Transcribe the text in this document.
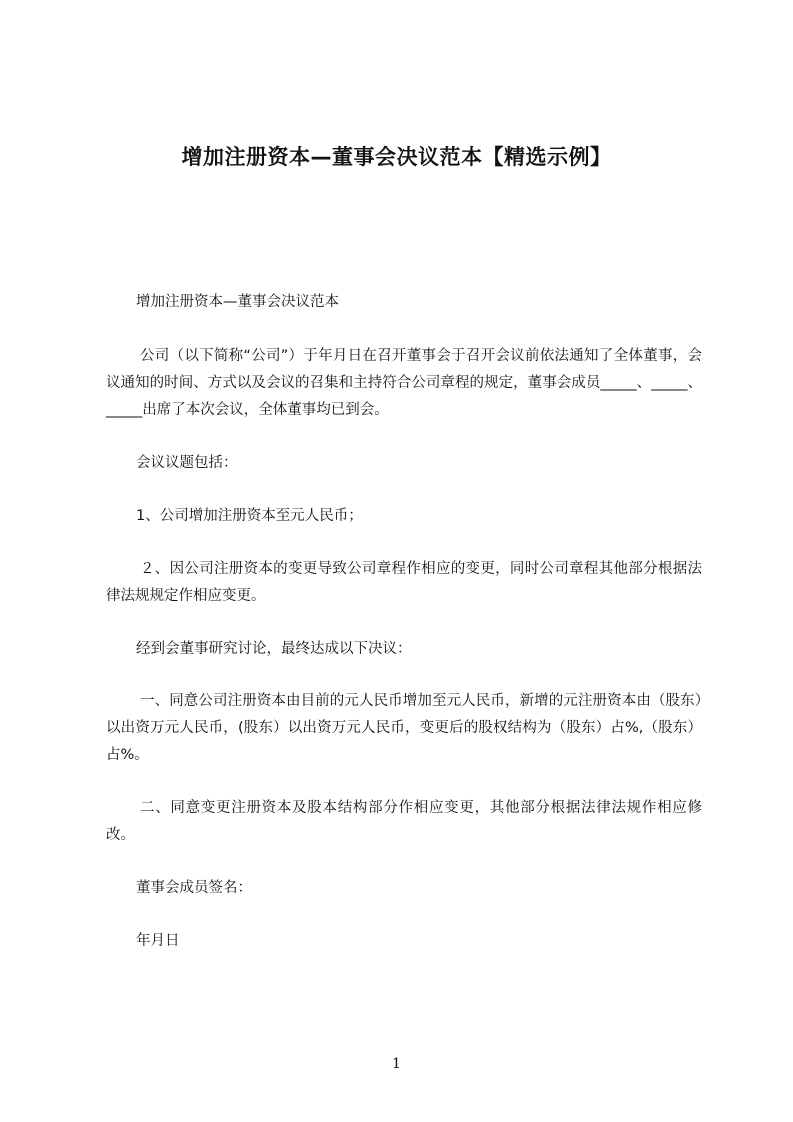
增加注册资本—董事会决议范本【精选示例】
增加注册资本—董事会决议范本
公司（以下简称“公司”）于年月日在召开董事会于召开会议前依法通知了全体董事，会议通知的时间、方式以及会议的召集和主持符合公司章程的规定，董事会成员_____、_____、_____出席了本次会议，全体董事均已到会。
会议议题包括：
1、公司增加注册资本至元人民币；
２、因公司注册资本的变更导致公司章程作相应的变更，同时公司章程其他部分根据法律法规规定作相应变更。
经到会董事研究讨论，最终达成以下决议：
一、同意公司注册资本由目前的元人民币增加至元人民币，新增的元注册资本由（股东）以出资万元人民币，(股东）以出资万元人民币，变更后的股权结构为（股东）占%,（股东）占%。
二、同意变更注册资本及股本结构部分作相应变更，其他部分根据法律法规作相应修改。
董事会成员签名：
年月日
1
